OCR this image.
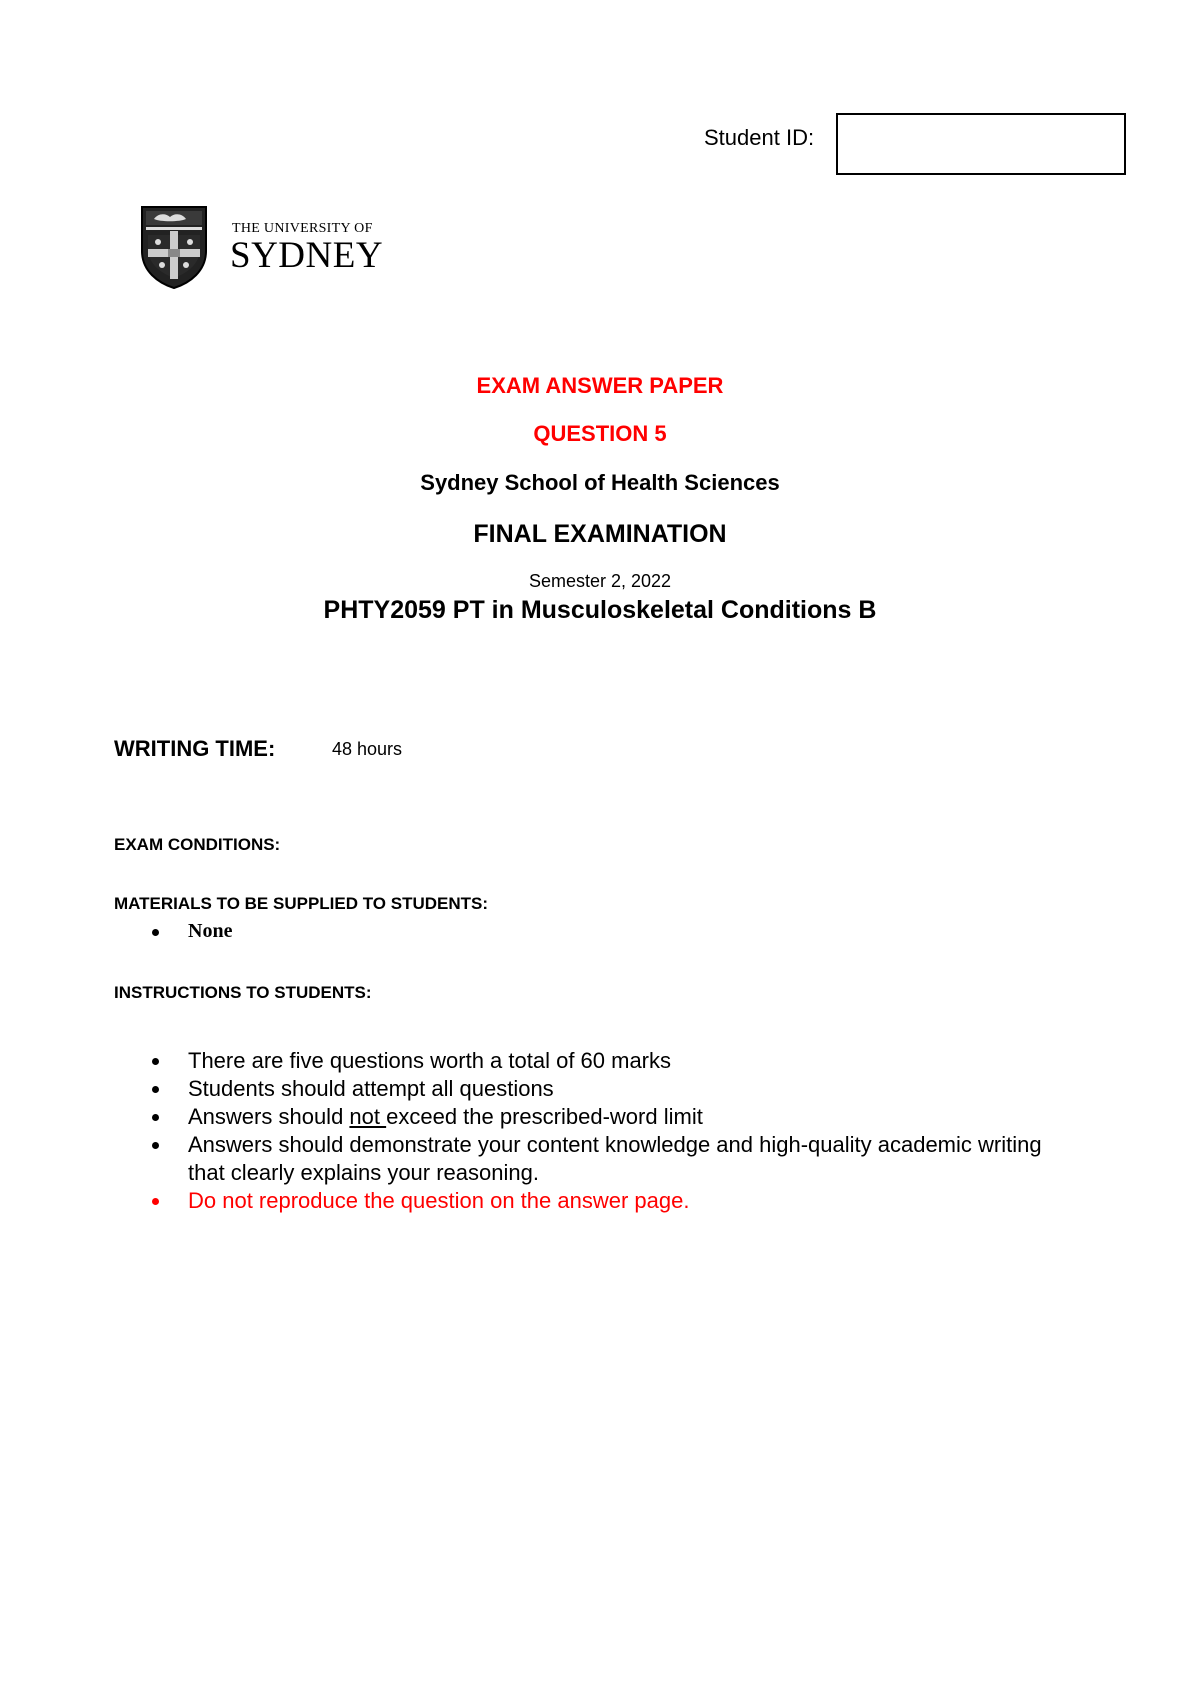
Student ID:
THE UNIVERSITY OF
SYDNEY
EXAM ANSWER PAPER
QUESTION 5
Sydney School of Health Sciences
FINAL EXAMINATION
Semester 2, 2022
PHTY2059 PT in Musculoskeletal Conditions B
WRITING TIME:	48 hours
EXAM CONDITIONS:
MATERIALS TO BE SUPPLIED TO STUDENTS:
None
INSTRUCTIONS TO STUDENTS:
There are five questions worth a total of 60 marks
Students should attempt all questions
Answers should not exceed the prescribed-word limit
Answers should demonstrate your content knowledge and high-quality academic writing that clearly explains your reasoning.
Do not reproduce the question on the answer page.
